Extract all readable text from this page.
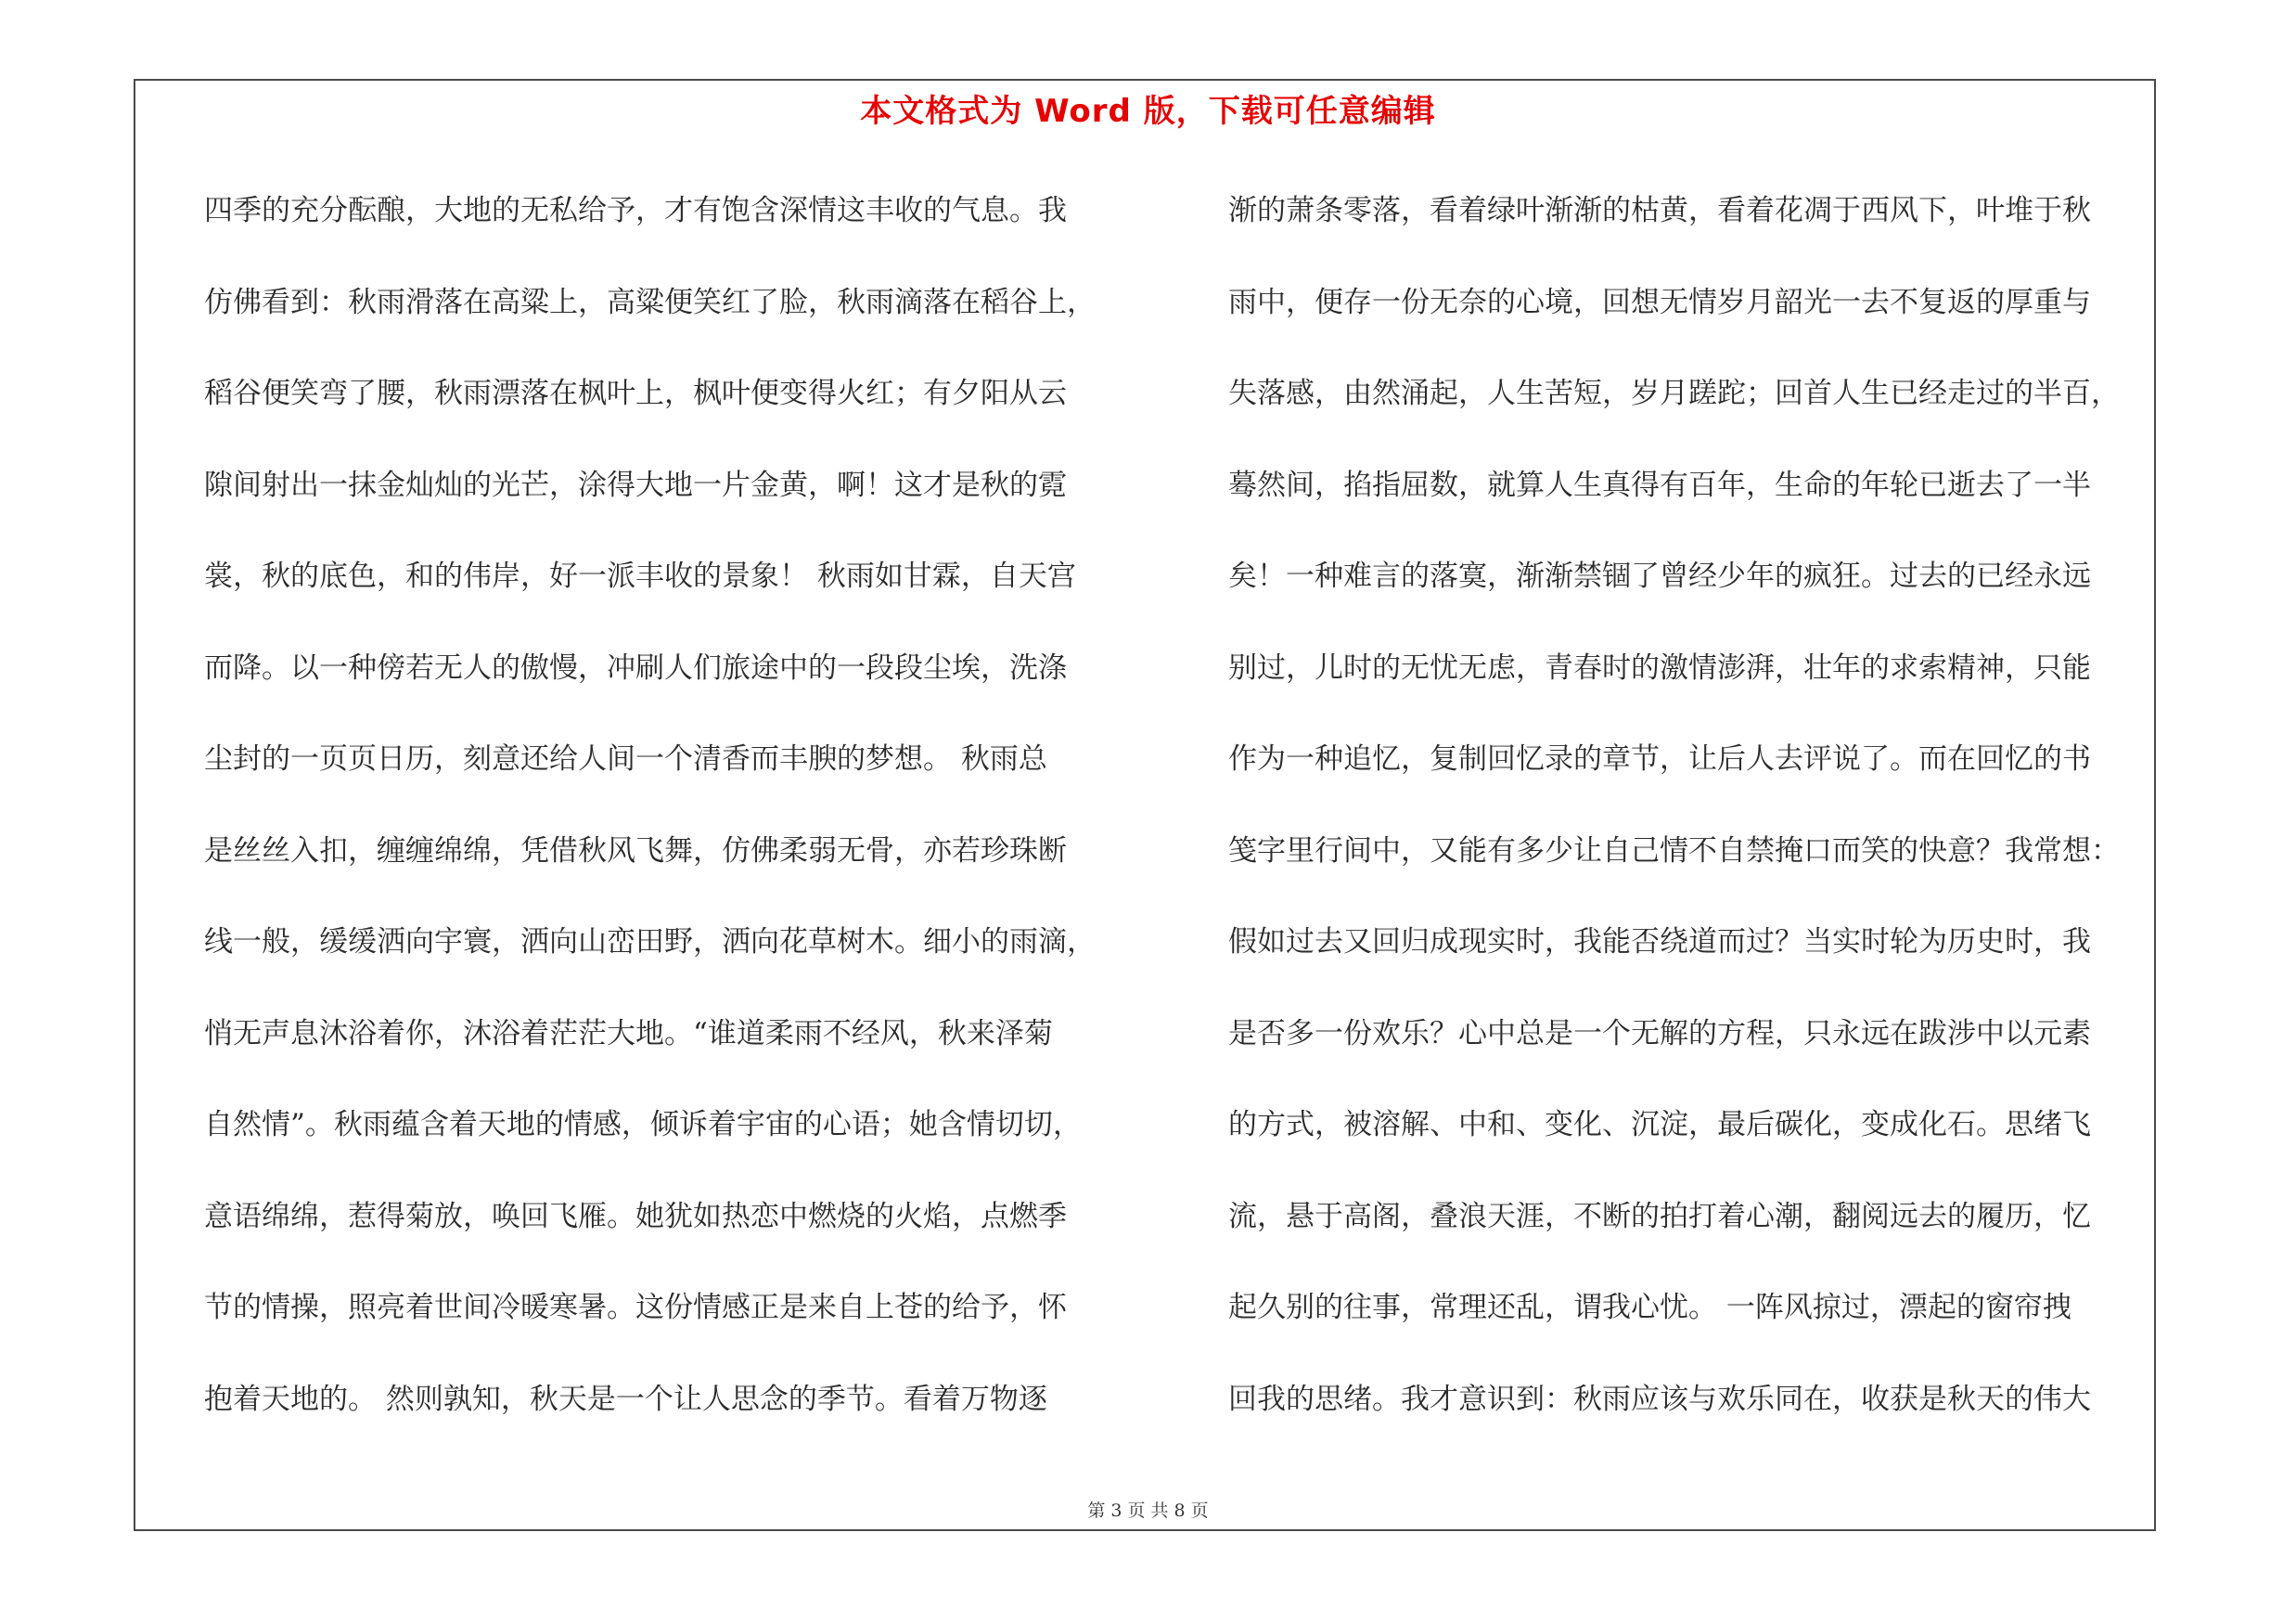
本文格式为 Word 版，下载可任意编辑
四季的充分酝酿，大地的无私给予，才有饱含深情这丰收的气息。我
仿佛看到：秋雨滑落在高粱上，高粱便笑红了脸，秋雨滴落在稻谷上，
稻谷便笑弯了腰，秋雨漂落在枫叶上，枫叶便变得火红；有夕阳从云
隙间射出一抹金灿灿的光芒，涂得大地一片金黄，啊！这才是秋的霓
裳，秋的底色，和的伟岸，好一派丰收的景象！ 秋雨如甘霖，自天宫
而降。以一种傍若无人的傲慢，冲刷人们旅途中的一段段尘埃，洗涤
尘封的一页页日历，刻意还给人间一个清香而丰腴的梦想。 秋雨总
是丝丝入扣，缠缠绵绵，凭借秋风飞舞，仿佛柔弱无骨，亦若珍珠断
线一般，缓缓洒向宇寰，洒向山峦田野，洒向花草树木。细小的雨滴，
悄无声息沐浴着你，沐浴着茫茫大地。“谁道柔雨不经风，秋来泽菊
自然情”。秋雨蕴含着天地的情感，倾诉着宇宙的心语；她含情切切，
意语绵绵，惹得菊放，唤回飞雁。她犹如热恋中燃烧的火焰，点燃季
节的情操，照亮着世间冷暖寒暑。这份情感正是来自上苍的给予，怀
抱着天地的。 然则孰知，秋天是一个让人思念的季节。看着万物逐
渐的萧条零落，看着绿叶渐渐的枯黄，看着花凋于西风下，叶堆于秋
雨中，便存一份无奈的心境，回想无情岁月韶光一去不复返的厚重与
失落感，由然涌起，人生苦短，岁月蹉跎；回首人生已经走过的半百，
蓦然间，掐指屈数，就算人生真得有百年，生命的年轮已逝去了一半
矣！一种难言的落寞，渐渐禁锢了曾经少年的疯狂。过去的已经永远
别过，儿时的无忧无虑，青春时的激情澎湃，壮年的求索精神，只能
作为一种追忆，复制回忆录的章节，让后人去评说了。而在回忆的书
笺字里行间中，又能有多少让自己情不自禁掩口而笑的快意？我常想：
假如过去又回归成现实时，我能否绕道而过？当实时轮为历史时，我
是否多一份欢乐？心中总是一个无解的方程，只永远在跋涉中以元素
的方式，被溶解、中和、变化、沉淀，最后碳化，变成化石。思绪飞
流，悬于高阁，叠浪天涯，不断的拍打着心潮，翻阅远去的履历，忆
起久别的往事，常理还乱，谓我心忧。 一阵风掠过，漂起的窗帘拽
回我的思绪。我才意识到：秋雨应该与欢乐同在，收获是秋天的伟大
第 3 页 共 8 页
